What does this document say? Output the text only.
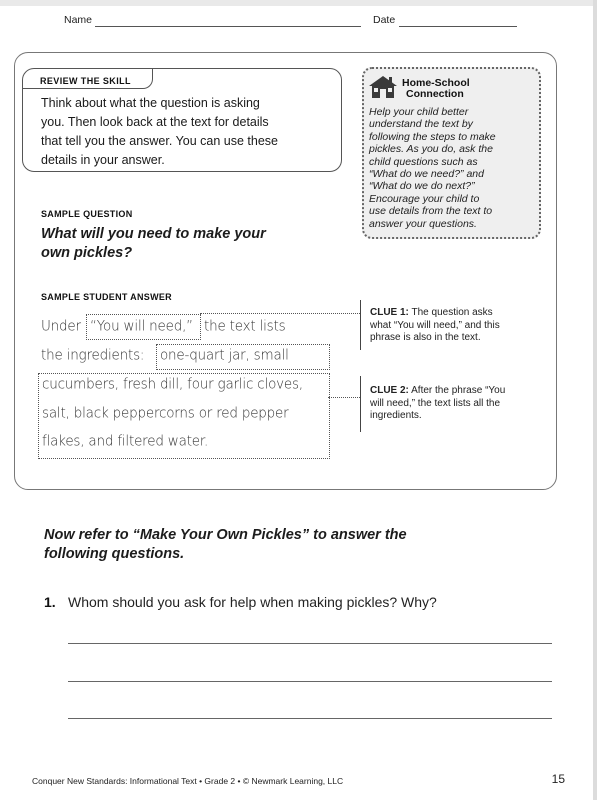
Name	Date
REVIEW THE SKILL
Think about what the question is asking
you. Then look back at the text for details
that tell you the answer. You can use these
details in your answer.
Home-School
Connection
Help your child better
understand the text by
following the steps to make
pickles. As you do, ask the
child questions such as
“What do we need?” and
“What do we do next?”
Encourage your child to
use details from the text to
answer your questions.
SAMPLE QUESTION
What will you need to make your
own pickles?
SAMPLE STUDENT ANSWER
Under “You will need,” the text lists
the ingredients: one-quart jar, small
cucumbers, fresh dill, four garlic cloves,
salt, black peppercorns or red pepper
flakes, and filtered water.
CLUE 1: The question asks
what “You will need,” and this
phrase is also in the text.
CLUE 2: After the phrase “You
will need,” the text lists all the
ingredients.
Now refer to “Make Your Own Pickles” to answer the
following questions.
1. Whom should you ask for help when making pickles? Why?
Conquer New Standards: Informational Text • Grade 2 • © Newmark Learning, LLC	15
